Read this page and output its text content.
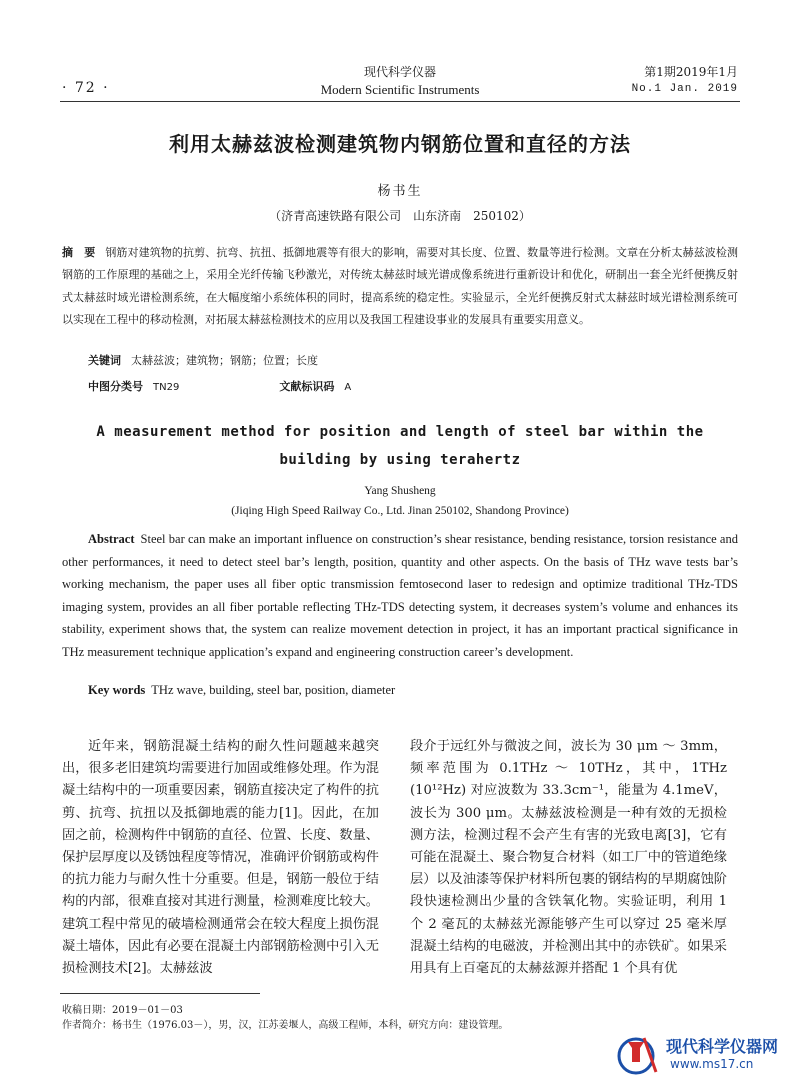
· 72 ·
现代科学仪器
Modern Scientific Instruments
第1期2019年1月
No.1 Jan. 2019
利用太赫兹波检测建筑物内钢筋位置和直径的方法
杨书生
（济青高速铁路有限公司　山东济南　250102）
摘　要 钢筋对建筑物的抗剪、抗弯、抗扭、抵御地震等有很大的影响，需要对其长度、位置、数量等进行检测。文章在分析太赫兹波检测钢筋的工作原理的基础之上，采用全光纤传输飞秒激光，对传统太赫兹时域光谱成像系统进行重新设计和优化，研制出一套全光纤便携反射式太赫兹时域光谱检测系统，在大幅度缩小系统体积的同时，提高系统的稳定性。实验显示，全光纤便携反射式太赫兹时域光谱检测系统可以实现在工程中的移动检测，对拓展太赫兹检测技术的应用以及我国工程建设事业的发展具有重要实用意义。
关键词 太赫兹波；建筑物；钢筋；位置；长度
中图分类号 TN29	文献标识码 A
A measurement method for position and length of steel bar within the building by using terahertz
Yang Shusheng
(Jiqing High Speed Railway Co., Ltd. Jinan 250102, Shandong Province)
Abstract Steel bar can make an important influence on construction’s shear resistance, bending resistance, torsion resistance and other performances, it need to detect steel bar’s length, position, quantity and other aspects. On the basis of THz wave tests bar’s working mechanism, the paper uses all fiber optic transmission femtosecond laser to redesign and optimize traditional THz-TDS imaging system, provides an all fiber portable reflecting THz-TDS detecting system, it decreases system’s volume and enhances its stability, experiment shows that, the system can realize movement detection in project, it has an important practical significance in THz measurement technique application’s expand and engineering construction career’s development.
Key words THz wave, building, steel bar, position, diameter
近年来，钢筋混凝土结构的耐久性问题越来越突出，很多老旧建筑均需要进行加固或维修处理。作为混凝土结构中的一项重要因素，钢筋直接决定了构件的抗剪、抗弯、抗扭以及抵御地震的能力[1]。因此，在加固之前，检测构件中钢筋的直径、位置、长度、数量、保护层厚度以及锈蚀程度等情况，准确评价钢筋或构件的抗力能力与耐久性十分重要。但是，钢筋一般位于结构的内部，很难直接对其进行测量，检测难度比较大。建筑工程中常见的破墙检测通常会在较大程度上损伤混凝土墙体，因此有必要在混凝土内部钢筋检测中引入无损检测技术[2]。太赫兹波
段介于远红外与微波之间，波长为 30 μm ～ 3mm，频率范围为 0.1THz ～ 10THz，其中，1THz (10¹²Hz) 对应波数为 33.3cm⁻¹，能量为 4.1meV，波长为 300 μm。太赫兹波检测是一种有效的无损检测方法，检测过程不会产生有害的光致电离[3]，它有可能在混凝土、聚合物复合材料（如工厂中的管道绝缘层）以及油漆等保护材料所包裹的钢结构的早期腐蚀阶段快速检测出少量的含铁氧化物。实验证明，利用 1 个 2 毫瓦的太赫兹光源能够产生可以穿过 25 毫米厚混凝土结构的电磁波，并检测出其中的赤铁矿。如果采用具有上百毫瓦的太赫兹源并搭配 1 个具有优
收稿日期：2019－01－03
作者简介：杨书生（1976.03－），男，汉，江苏姜堰人，高级工程师，本科，研究方向：建设管理。
现代科学仪器网
www.ms17.cn
